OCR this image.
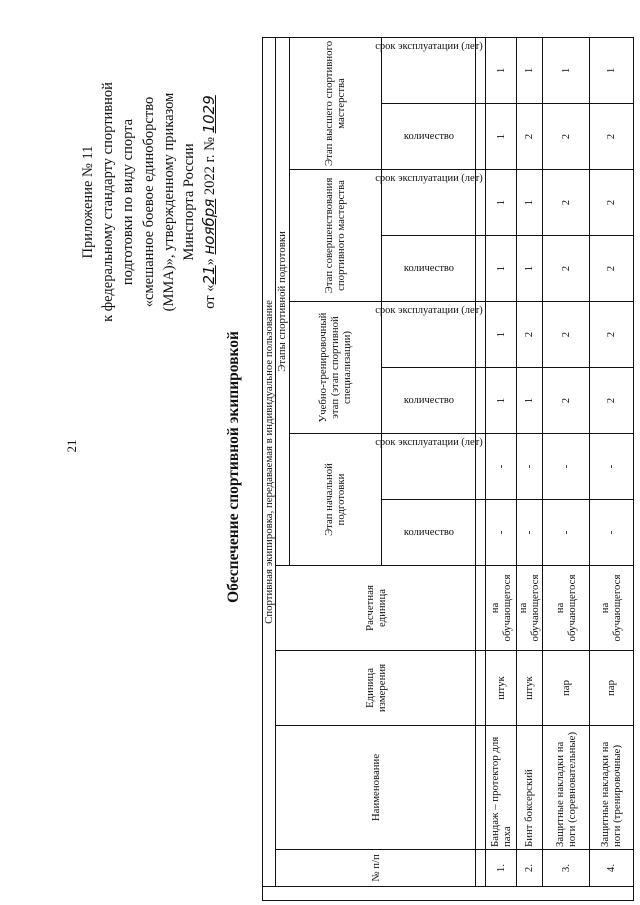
21
Приложение № 11 к федеральному стандарту спортивной подготовки по виду спорта «смешанное боевое единоборство (ММА)», утвержденному приказом Минспорта России
от «21» ноября 2022 г. № 1029
Обеспечение спортивной экипировкой
	Спортивная экипировка, передаваемая в индивидуальное пользование											
	№ п/п	Наименование	Единица измерения	Расчетная единица	Этапы спортивной подготовки							
					Этап начальной подготовки		Учебно-тренировочный этап (этап спортивной специализации)		Этап совершенствования спортивного мастерства		Этап высшего спортивного мастерства	
					количество	срок эксплуатации (лет)	количество	срок эксплуатации (лет)	количество	срок эксплуатации (лет)	количество	срок эксплуатации (лет)

	1.	Бандаж – протектор для паха	штук	на обучающегося	-	-	1	1	1	1	1	1
	2.	Бинт боксерский	штук	на обучающегося	-	-	1	2	1	1	2	1
	3.	Защитные накладки на ноги (соревновательные)	пар	на обучающегося	-	-	2	2	2	2	2	1
	4.	Защитные накладки на ноги (тренировочные)	пар	на обучающегося	-	-	2	2	2	2	2	1
